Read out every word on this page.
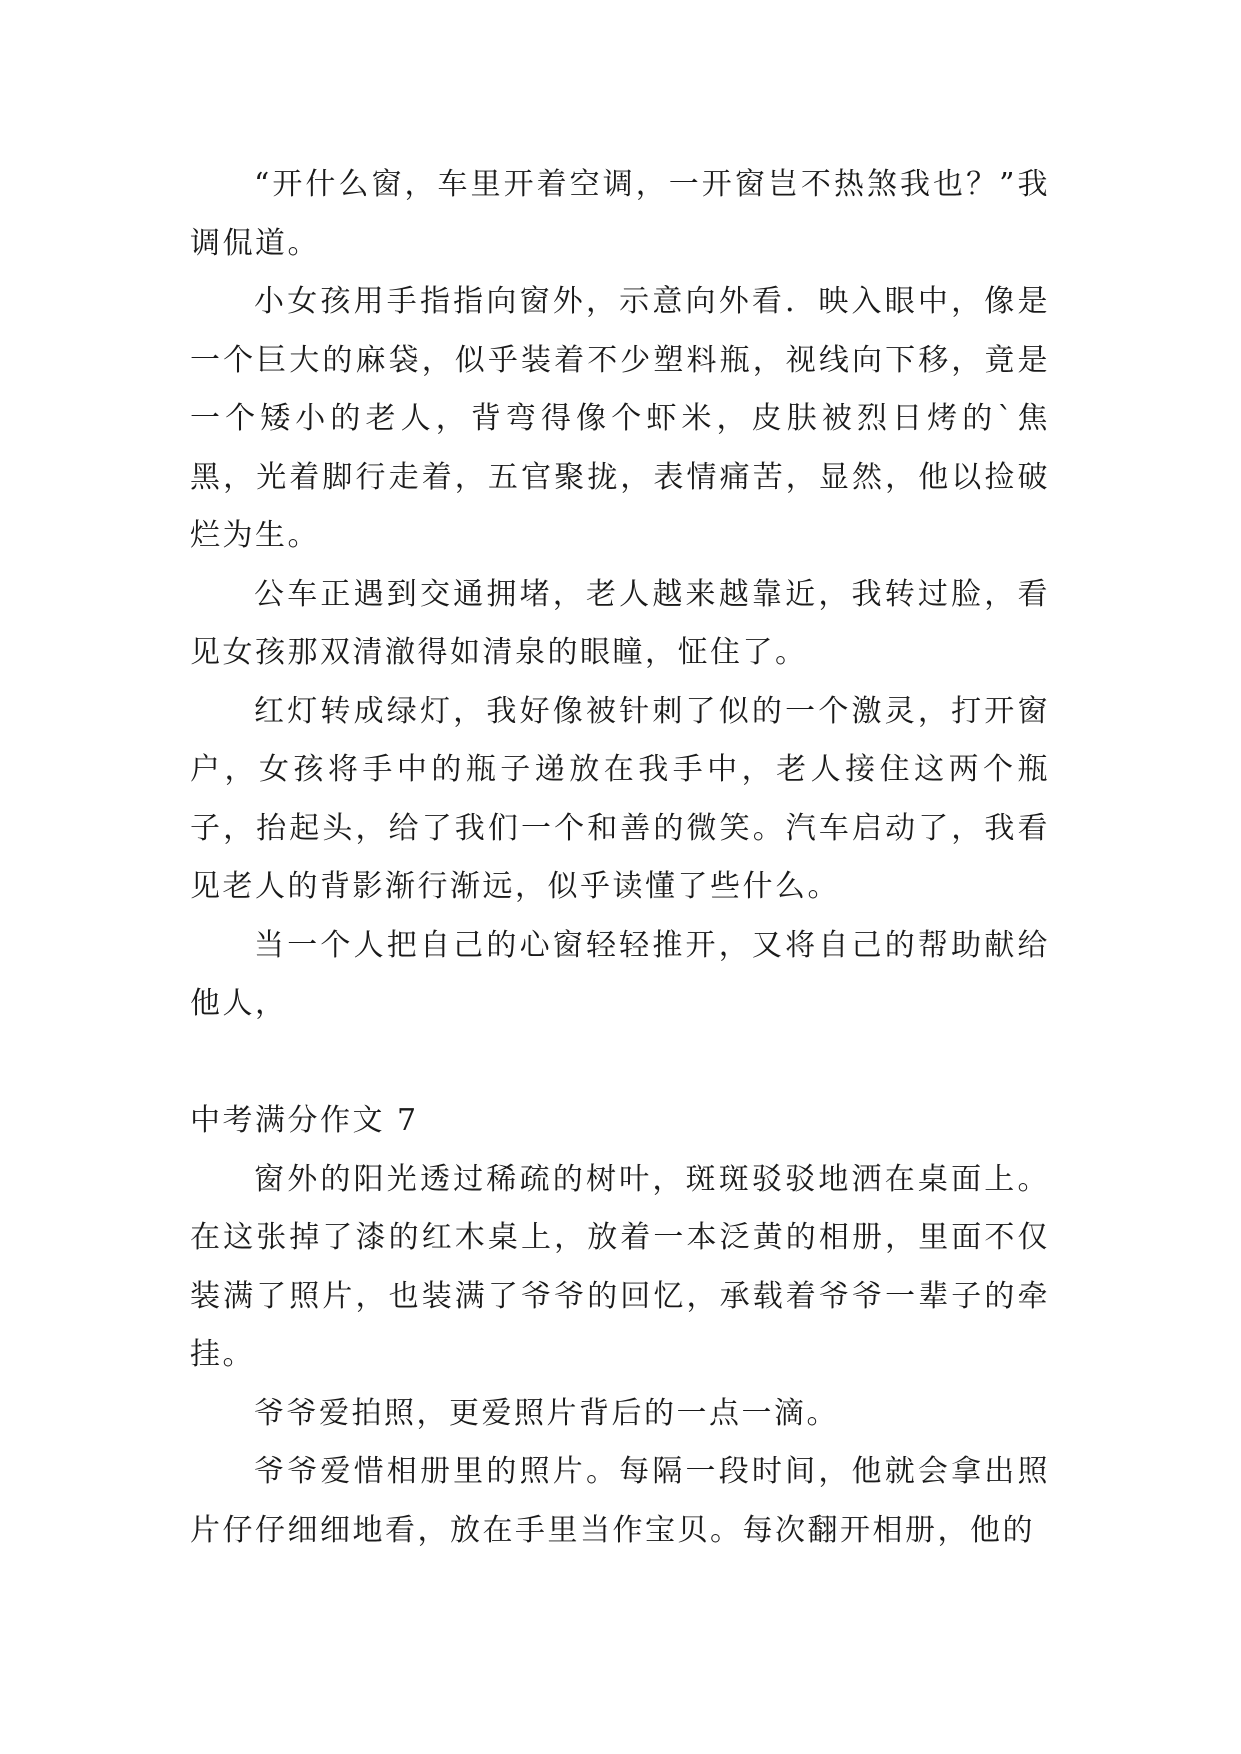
“开什么窗，车里开着空调，一开窗岂不热煞我也？”我调侃道。

小女孩用手指指向窗外，示意向外看．映入眼中，像是一个巨大的麻袋，似乎装着不少塑料瓶，视线向下移，竟是一个矮小的老人，背弯得像个虾米，皮肤被烈日烤的`焦黑，光着脚行走着，五官聚拢，表情痛苦，显然，他以捡破烂为生。

公车正遇到交通拥堵，老人越来越靠近，我转过脸，看见女孩那双清澈得如清泉的眼瞳，怔住了。

红灯转成绿灯，我好像被针刺了似的一个激灵，打开窗户，女孩将手中的瓶子递放在我手中，老人接住这两个瓶子，抬起头，给了我们一个和善的微笑。汽车启动了，我看见老人的背影渐行渐远，似乎读懂了些什么。

当一个人把自己的心窗轻轻推开，又将自己的帮助献给他人，

中考满分作文 7

窗外的阳光透过稀疏的树叶，斑斑驳驳地洒在桌面上。在这张掉了漆的红木桌上，放着一本泛黄的相册，里面不仅装满了照片，也装满了爷爷的回忆，承载着爷爷一辈子的牵挂。

爷爷爱拍照，更爱照片背后的一点一滴。

爷爷爱惜相册里的照片。每隔一段时间，他就会拿出照片仔仔细细地看，放在手里当作宝贝。每次翻开相册，他的
